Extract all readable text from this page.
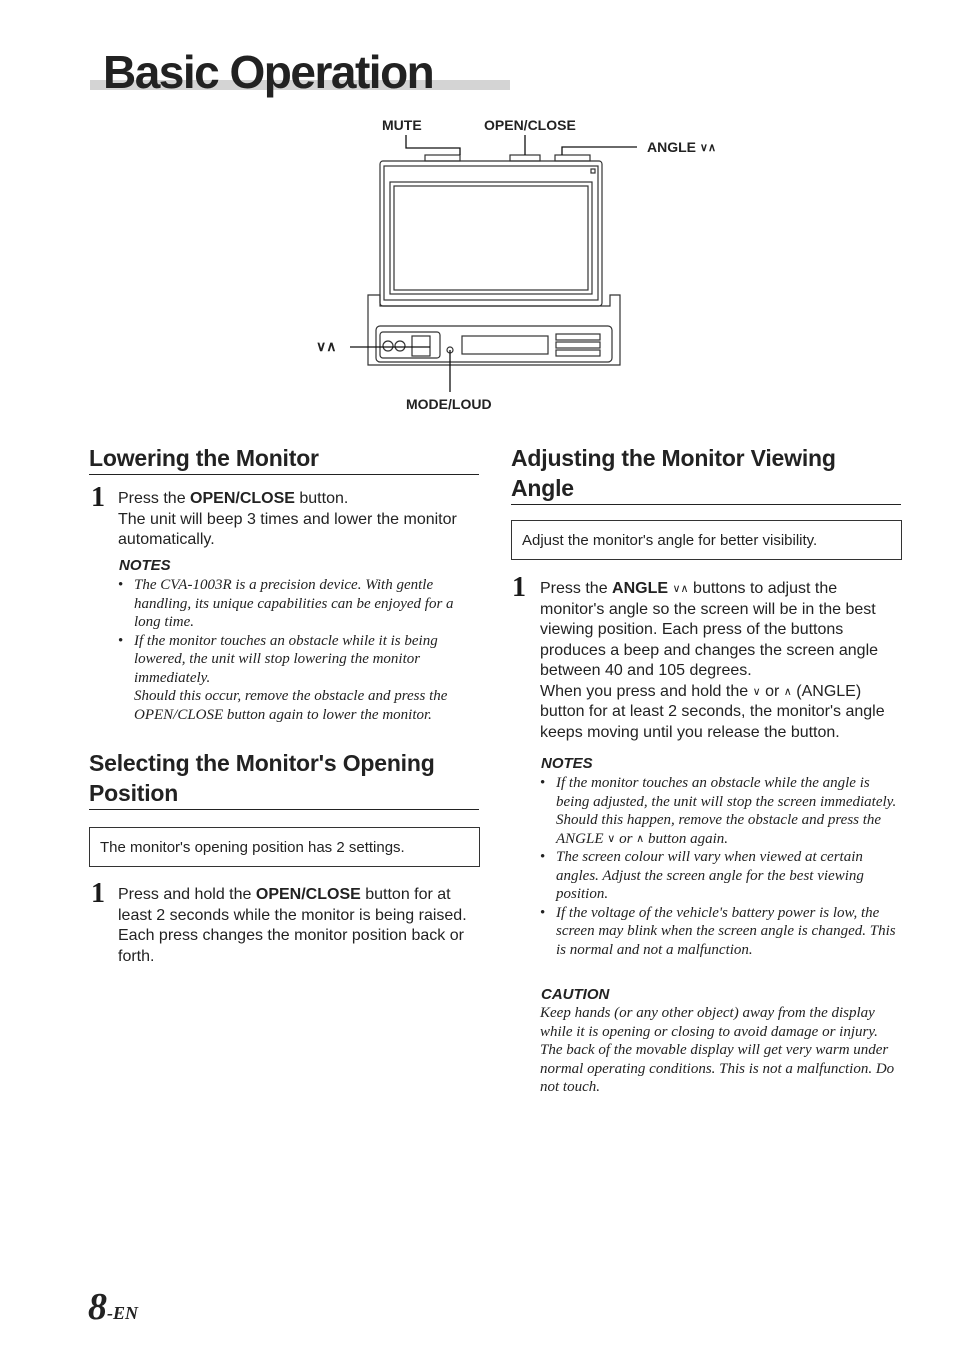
Basic Operation
MUTE	OPEN/CLOSE
ANGLE ∨∧
∨∧
MODE/LOUD
Lowering the Monitor
1 Press the OPEN/CLOSE button.
The unit will beep 3 times and lower the monitor automatically.
NOTES
• The CVA-1003R is a precision device. With gentle handling, its unique capabilities can be enjoyed for a long time.
• If the monitor touches an obstacle while it is being lowered, the unit will stop lowering the monitor immediately.
Should this occur, remove the obstacle and press the OPEN/CLOSE button again to lower the monitor.
Selecting the Monitor's Opening
Position
The monitor's opening position has 2 settings.
1 Press and hold the OPEN/CLOSE button for at least 2 seconds while the monitor is being raised. Each press changes the monitor position back or forth.
Adjusting the Monitor Viewing
Angle
Adjust the monitor's angle for better visibility.
1 Press the ANGLE ∨∧ buttons to adjust the monitor's angle so the screen will be in the best viewing position. Each press of the buttons produces a beep and changes the screen angle between 40 and 105 degrees.
When you press and hold the ∨ or ∧ (ANGLE) button for at least 2 seconds, the monitor's angle keeps moving until you release the button.
NOTES
• If the monitor touches an obstacle while the angle is being adjusted, the unit will stop the screen immediately.
Should this happen, remove the obstacle and press the ANGLE ∨ or ∧ button again.
• The screen colour will vary when viewed at certain angles. Adjust the screen angle for the best viewing position.
• If the voltage of the vehicle's battery power is low, the screen may blink when the screen angle is changed. This is normal and not a malfunction.
CAUTION
Keep hands (or any other object) away from the display while it is opening or closing to avoid damage or injury. The back of the movable display will get very warm under normal operating conditions. This is not a malfunction. Do not touch.
8-EN
